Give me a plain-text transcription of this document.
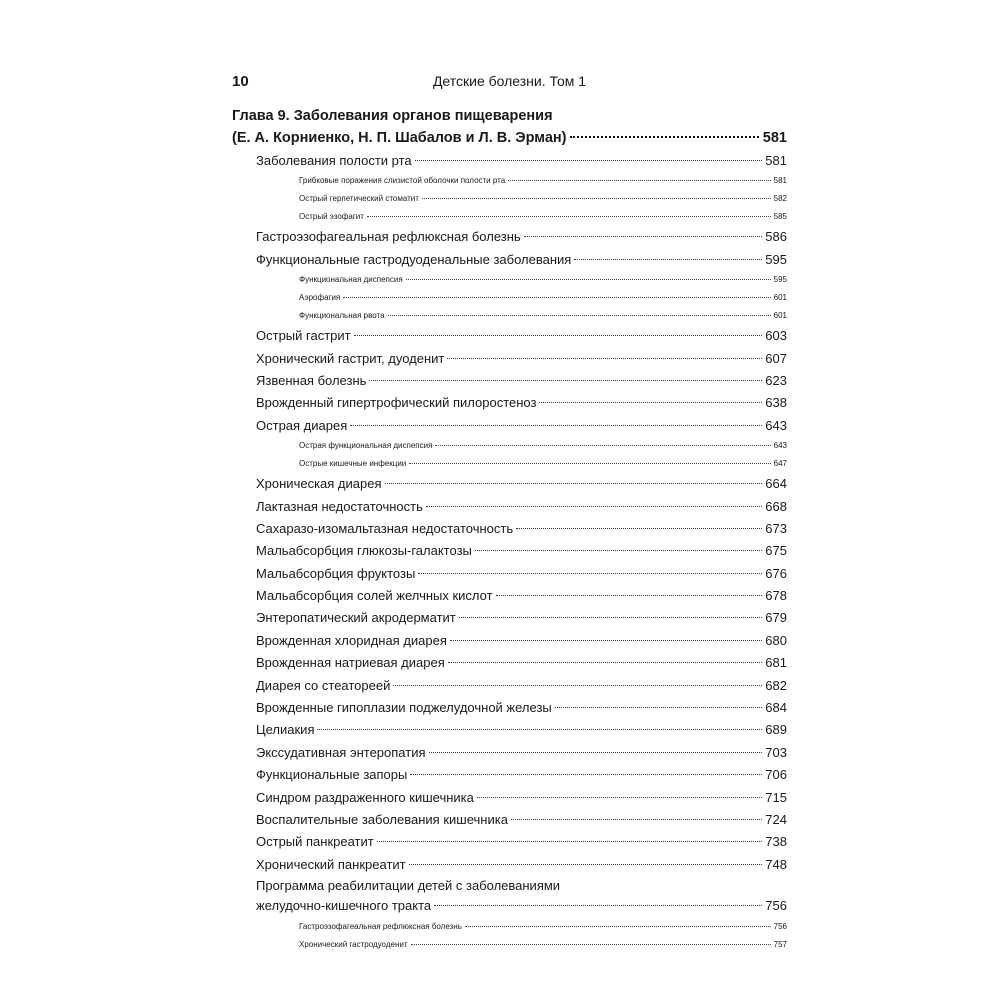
10	Детские болезни. Том 1
Глава 9. Заболевания органов пищеварения
(Е. А. Корниенко, Н. П. Шабалов и Л. В. Эрман)	581
Заболевания полости рта	581
Грибковые поражения слизистой оболочки полости рта	581
Острый герпетический стоматит	582
Острый эзофагит	585
Гастроэзофагеальная рефлюксная болезнь	586
Функциональные гастродуоденальные заболевания	595
Функциональная диспепсия	595
Аэрофагия	601
Функциональная рвота	601
Острый гастрит	603
Хронический гастрит, дуоденит	607
Язвенная болезнь	623
Врожденный гипертрофический пилоростеноз	638
Острая диарея	643
Острая функциональная диспепсия	643
Острые кишечные инфекции	647
Хроническая диарея	664
Лактазная недостаточность	668
Сахаразо-изомальтазная недостаточность	673
Мальабсорбция глюкозы-галактозы	675
Мальабсорбция фруктозы	676
Мальабсорбция солей желчных кислот	678
Энтеропатический акродерматит	679
Врожденная хлоридная диарея	680
Врожденная натриевая диарея	681
Диарея со стеатореей	682
Врожденные гипоплазии поджелудочной железы	684
Целиакия	689
Экссудативная энтеропатия	703
Функциональные запоры	706
Синдром раздраженного кишечника	715
Воспалительные заболевания кишечника	724
Острый панкреатит	738
Хронический панкреатит	748
Программа реабилитации детей с заболеваниями
желудочно-кишечного тракта	756
Гастроэзофагеальная рефлюксная болезнь	756
Хронический гастродуоденит	757
